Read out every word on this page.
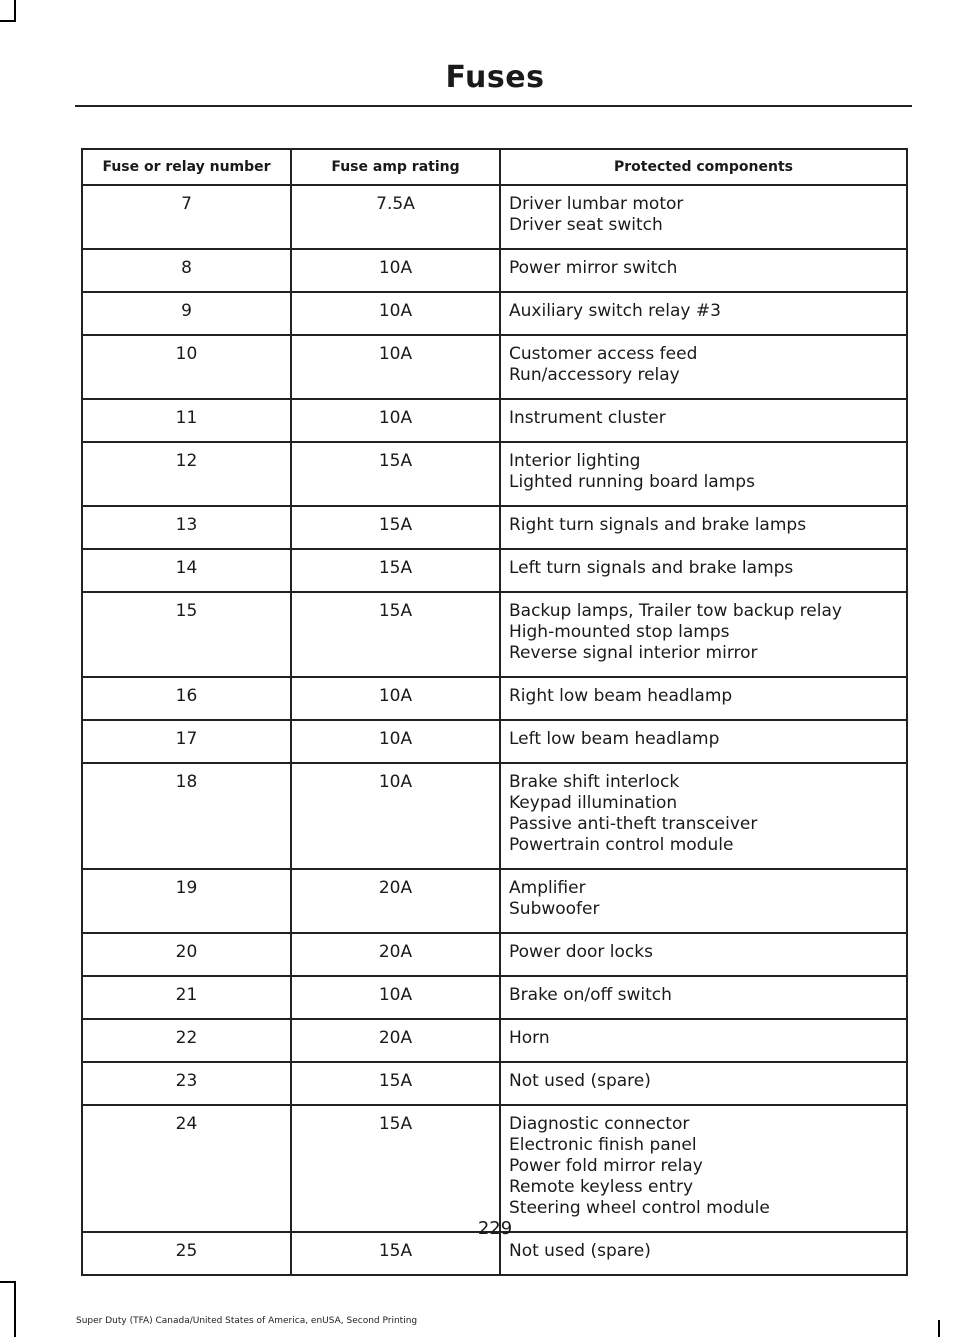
Fuses
Fuse or relay number	Fuse amp rating	Protected components
7	7.5A	Driver lumbar motor
Driver seat switch

8	10A	Power mirror switch

9	10A	Auxiliary switch relay #3

10	10A	Customer access feed
Run/accessory relay

11	10A	Instrument cluster

12	15A	Interior lighting
Lighted running board lamps

13	15A	Right turn signals and brake lamps

14	15A	Left turn signals and brake lamps

15	15A	Backup lamps, Trailer tow backup relay
High-mounted stop lamps
Reverse signal interior mirror

16	10A	Right low beam headlamp

17	10A	Left low beam headlamp

18	10A	Brake shift interlock
Keypad illumination
Passive anti-theft transceiver
Powertrain control module

19	20A	Amplifier
Subwoofer

20	20A	Power door locks

21	10A	Brake on/off switch

22	20A	Horn

23	15A	Not used (spare)

24	15A	Diagnostic connector
Electronic finish panel
Power fold mirror relay
Remote keyless entry
Steering wheel control module

25	15A	Not used (spare)
229
Super Duty (TFA) Canada/United States of America, enUSA, Second Printing
